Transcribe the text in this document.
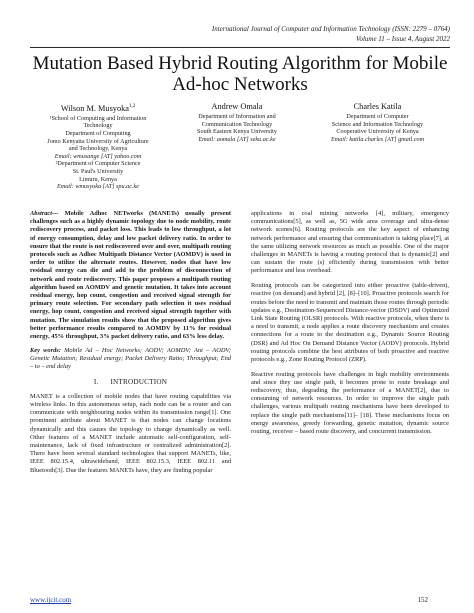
International Journal of Computer and Information Technology (ISSN: 2279 – 0764)
Volume 11 – Issue 4, August 2022
Mutation Based Hybrid Routing Algorithm for Mobile
Ad-hoc Networks
Wilson M. Musyoka$^{1,2}$
¹School of Computing and Information
Technology
Department of Computing
Jomo Kenyatta University of Agriculture
and Technology, Kenya
Email: wmusange [AT] yahoo.com
²Department of Computer Science
St. Paul's University
Limuru, Kenya
Email: wmusyoka [AT] spu.ac.ke
Andrew Omala
Department of Information and
Communication Technology
South Eastern Kenya University
Email: aomala [AT] seku.ac.ke
Charles Katila
Department of Computer
Science and Information Technology
Cooperative University of Kenya
Email: katila.charles [AT] gmail.com

Abstract--- Mobile Adhoc NETworks (MANETs) usually present challenges such as a highly dynamic topology due to node mobility, route rediscovery process, and packet loss. This leads to low throughput, a lot of energy consumption, delay and low packet delivery ratio. In order to ensure that the route is not rediscovered over and over, multipath routing protocols such as Adhoc Multipath Distance Vector (AOMDV) is used in order to utilize the alternate routes. However, nodes that have low residual energy can die and add to the problem of disconnection of network and route rediscovery. This paper proposes a multipath routing algorithm based on AOMDV and genetic mutation. It takes into account residual energy, hop count, congestion and received signal strength for primary route selection. For secondary path selection it uses residual energy, hop count, congestion and received signal strength together with mutation. The simulation results show that the proposed algorithm gives better performance results compared to AOMDV by 11% for residual energy, 45% throughput, 3% packet delivery ratio, and 63% less delay.

Key words: Mobile Ad – Hoc Networks; AODV; AOMDV; Ant – AODV; Genetic Mutation; Residual energy; Packet Delivery Ratio; Throughput; End – to – end delay

I. INTRODUCTION

MANET is a collection of mobile nodes that have routing capabilities via wireless links. In this autonomous setup, each node can be a router and can communicate with neighbouring nodes within its transmission range[1]. One prominent attribute about MANET is that nodes can change locations dynamically and this causes the topology to change dynamically as well. Other features of a MANET include automatic self-configuration, self-maintenance, lack of fixed infrastructure or centralized administration[2]. There have been several standard technologies that support MANETs, like, IEEE 802.15.4, ultrawideband, IEEE 802.15.3, IEEE 802.11 and Bluetooth[3]. Due the features MANETs have, they are finding popular

applications in coal mining networks [4], military, emergency communications[5], as well as, 5G wide area coverage and ultra-dense network scenes[6]. Routing protocols are the key aspect of enhancing network performance and ensuring that communication is taking place[7], at the same utilizing network resources as much as possible. One of the major challenges in MANETs is having a routing protocol that is dynamic[2] and can sustain the route (s) efficiently during transmission with better performance and less overhead.

Routing protocols can be categorized into either proactive (table-driven), reactive (on demand) and hybrid [2], [8]–[10]. Proactive protocols search for routes before the need to transmit and maintain those routes through periodic updates e.g., Destination-Sequenced Distance-vector (DSDV) and Optimized Link State Routing (OLSR) protocols. With reactive protocols, when there is a need to transmit, a node applies a route discovery mechanism and creates connections for a route to the destination e.g., Dynamic Source Routing (DSR) and Ad Hoc On Demand Distance Vector (AODV) protocols. Hybrid routing protocols combine the best attributes of both proactive and reactive protocols e.g., Zone Routing Protocol (ZRP).

Reactive routing protocols have challenges in high mobility environments and since they use single path, it becomes prone to route breakage and rediscovery, thus, degrading the performance of a MANET[2], due to consuming of network resources. In order to improve the single path challenges, various multipath routing mechanisms have been developed to replace the single path mechanisms[11]– [18]. These mechanisms focus on energy awareness, greedy forwarding, genetic mutation, dynamic source routing, receiver – based route discovery, and concurrent transmission.

www.ijcit.com	152
